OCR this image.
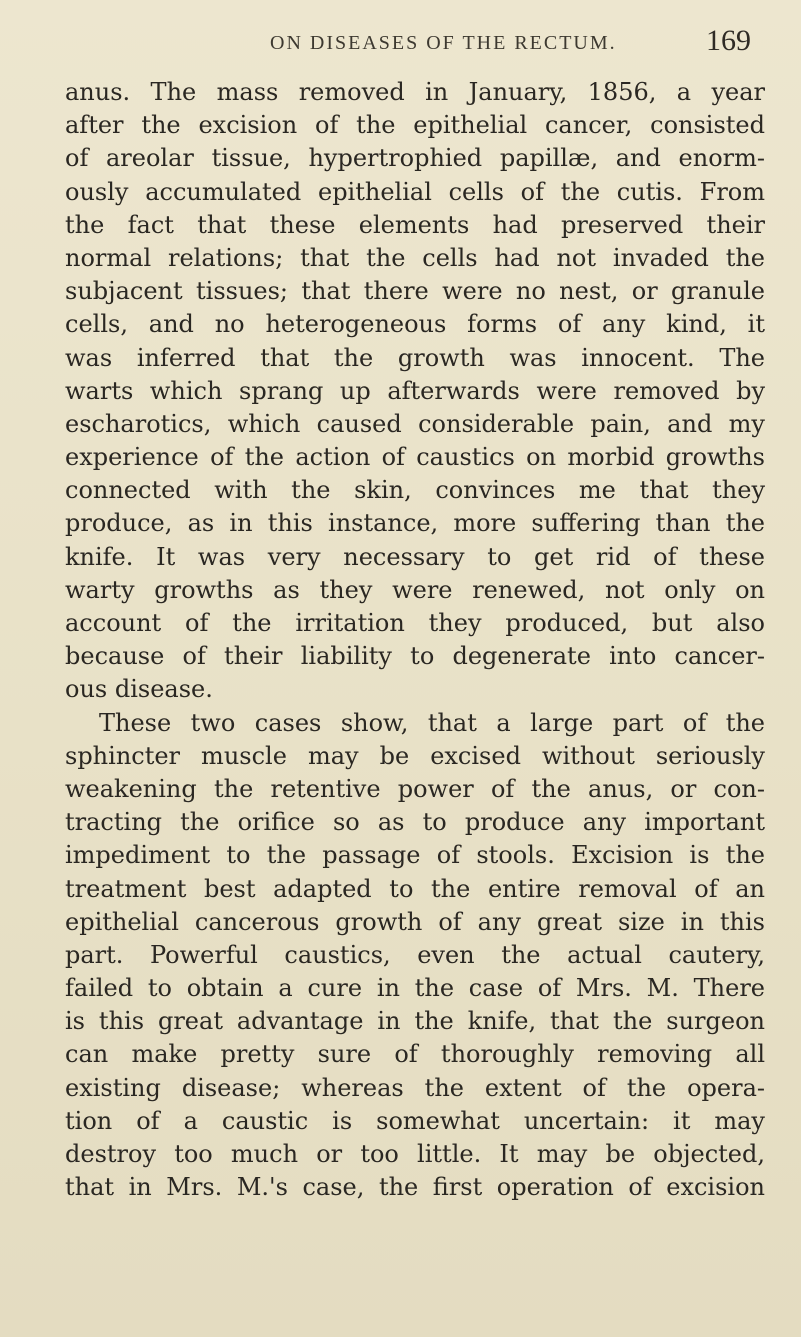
ON DISEASES OF THE RECTUM.	169
anus. The mass removed in January, 1856, a year
after the excision of the epithelial cancer, consisted
of areolar tissue, hypertrophied papillæ, and enorm-
ously accumulated epithelial cells of the cutis. From
the fact that these elements had preserved their
normal relations; that the cells had not invaded the
subjacent tissues; that there were no nest, or granule
cells, and no heterogeneous forms of any kind, it
was inferred that the growth was innocent. The
warts which sprang up afterwards were removed by
escharotics, which caused considerable pain, and my
experience of the action of caustics on morbid growths
connected with the skin, convinces me that they
produce, as in this instance, more suffering than the
knife. It was very necessary to get rid of these
warty growths as they were renewed, not only on
account of the irritation they produced, but also
because of their liability to degenerate into cancer-
ous disease.
These two cases show, that a large part of the
sphincter muscle may be excised without seriously
weakening the retentive power of the anus, or con-
tracting the orifice so as to produce any important
impediment to the passage of stools. Excision is the
treatment best adapted to the entire removal of an
epithelial cancerous growth of any great size in this
part. Powerful caustics, even the actual cautery,
failed to obtain a cure in the case of Mrs. M. There
is this great advantage in the knife, that the surgeon
can make pretty sure of thoroughly removing all
existing disease; whereas the extent of the opera-
tion of a caustic is somewhat uncertain: it may
destroy too much or too little. It may be objected,
that in Mrs. M.'s case, the first operation of excision
